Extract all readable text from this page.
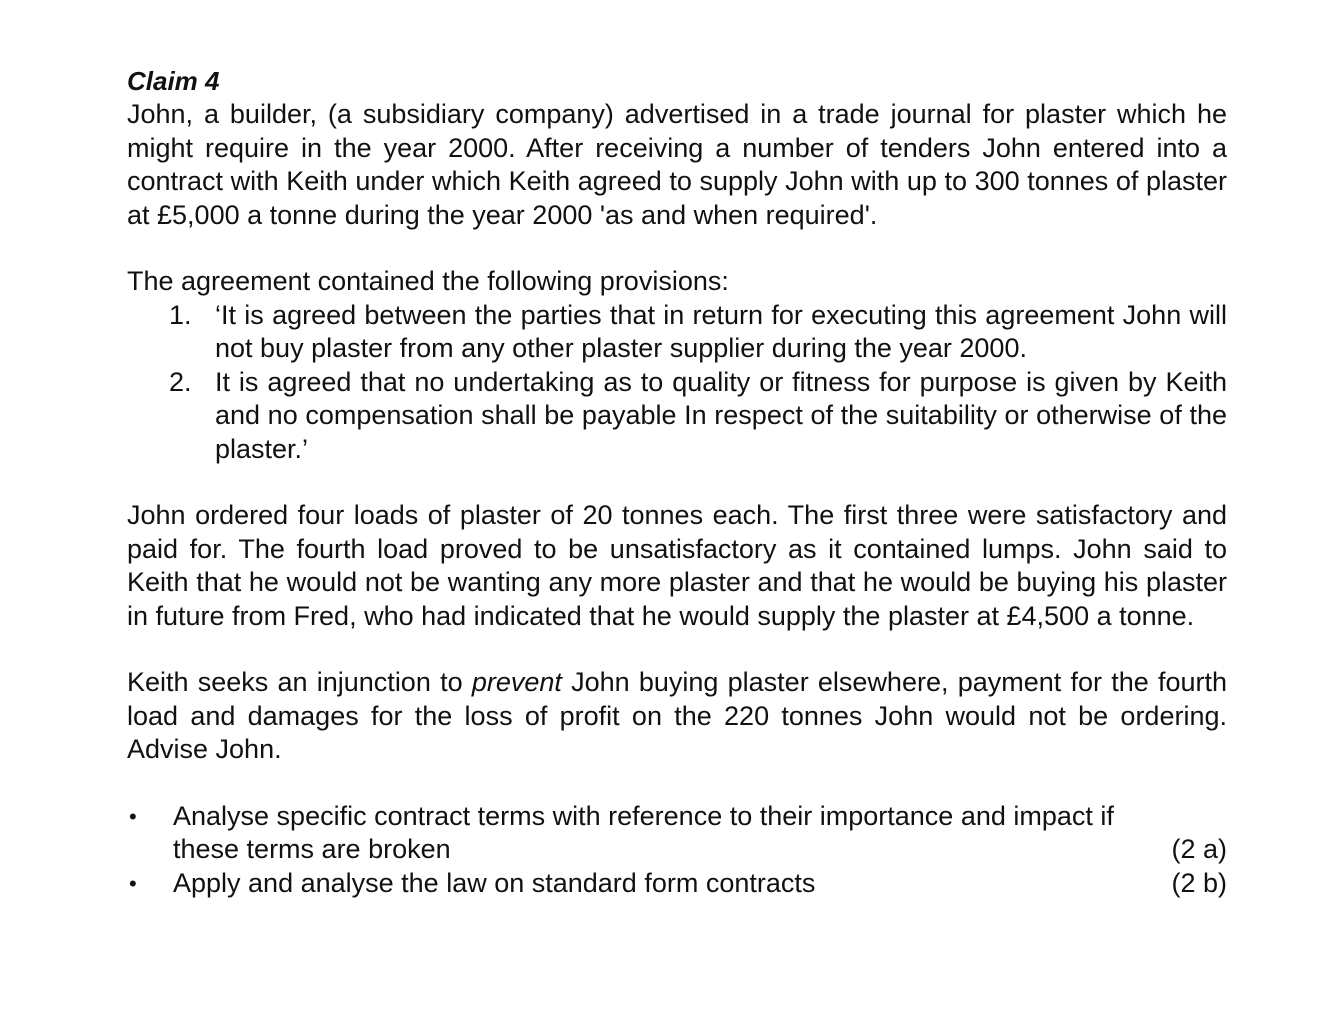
Claim 4

John, a builder, (a subsidiary company) advertised in a trade journal for plaster which he might require in the year 2000. After receiving a number of tenders John entered into a contract with Keith under which Keith agreed to supply John with up to 300 tonnes of plaster at £5,000 a tonne during the year 2000 'as and when required'.

The agreement contained the following provisions:

1. ‘It is agreed between the parties that in return for executing this agreement John will not buy plaster from any other plaster supplier during the year 2000.
2. It is agreed that no undertaking as to quality or fitness for purpose is given by Keith and no compensation shall be payable In respect of the suitability or otherwise of the plaster.’

John ordered four loads of plaster of 20 tonnes each. The first three were satisfactory and paid for. The fourth load proved to be unsatisfactory as it contained lumps. John said to Keith that he would not be wanting any more plaster and that he would be buying his plaster in future from Fred, who had indicated that he would supply the plaster at £4,500 a tonne.

Keith seeks an injunction to prevent John buying plaster elsewhere, payment for the fourth load and damages for the loss of profit on the 220 tonnes John would not be ordering. Advise John.

• Analyse specific contract terms with reference to their importance and impact if
these terms are broken	(2 a)
• Apply and analyse the law on standard form contracts	(2 b)
